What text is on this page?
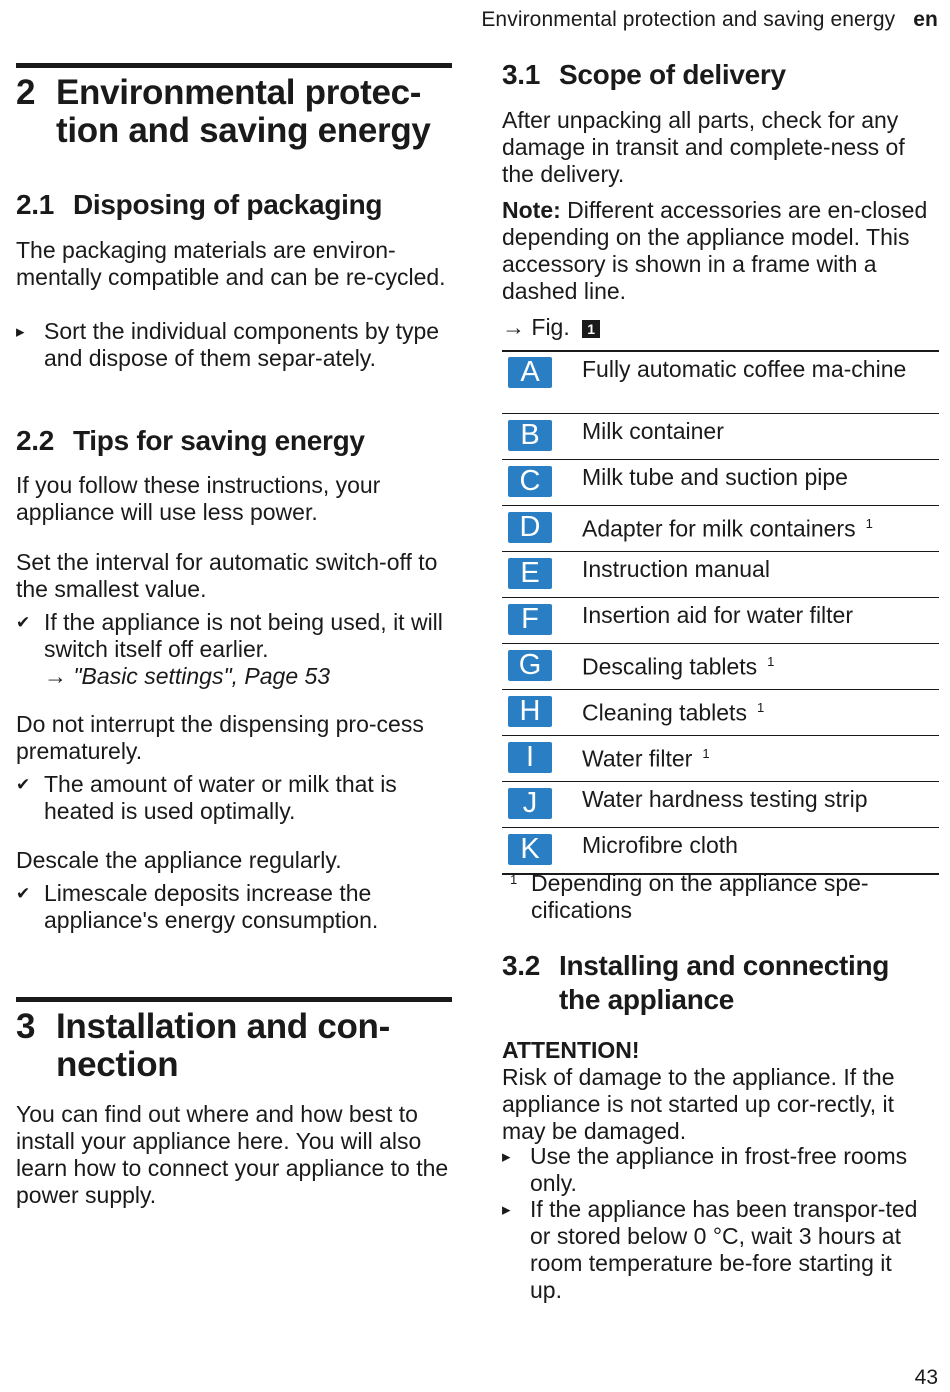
Environmental protection and saving energy en
2 Environmental protec-tion and saving energy
2.1 Disposing of packaging

The packaging materials are environ-mentally compatible and can be re-cycled.

▸ Sort the individual components by type and dispose of them separ-ately.
2.2 Tips for saving energy

If you follow these instructions, your appliance will use less power.

Set the interval for automatic switch-off to the smallest value.

✔ If the appliance is not being used, it will switch itself off earlier.
→ "Basic settings", Page 53

Do not interrupt the dispensing pro-cess prematurely.

✔ The amount of water or milk that is heated is used optimally.

Descale the appliance regularly.

✔ Limescale deposits increase the appliance's energy consumption.
3 Installation and con-nection

You can find out where and how best to install your appliance here. You will also learn how to connect your appliance to the power supply.

3.1 Scope of delivery

After unpacking all parts, check for any damage in transit and complete-ness of the delivery.

Note: Different accessories are en-closed depending on the appliance model. This accessory is shown in a frame with a dashed line.

→ Fig. 1
A	Fully automatic coffee ma-chine
B	Milk container
C	Milk tube and suction pipe
D	Adapter for milk containers $^1$
E	Instruction manual
F	Insertion aid for water filter
G	Descaling tablets $^1$
H	Cleaning tablets $^1$
I	Water filter $^1$
J	Water hardness testing strip
K	Microfibre cloth
1 Depending on the appliance spe-cifications
3.2 Installing and connecting the appliance
ATTENTION!

Risk of damage to the appliance. If the appliance is not started up cor-rectly, it may be damaged.

▸ Use the appliance in frost-free rooms only.
▸ If the appliance has been transpor-ted or stored below 0 °C, wait 3 hours at room temperature be-fore starting it up.
43
